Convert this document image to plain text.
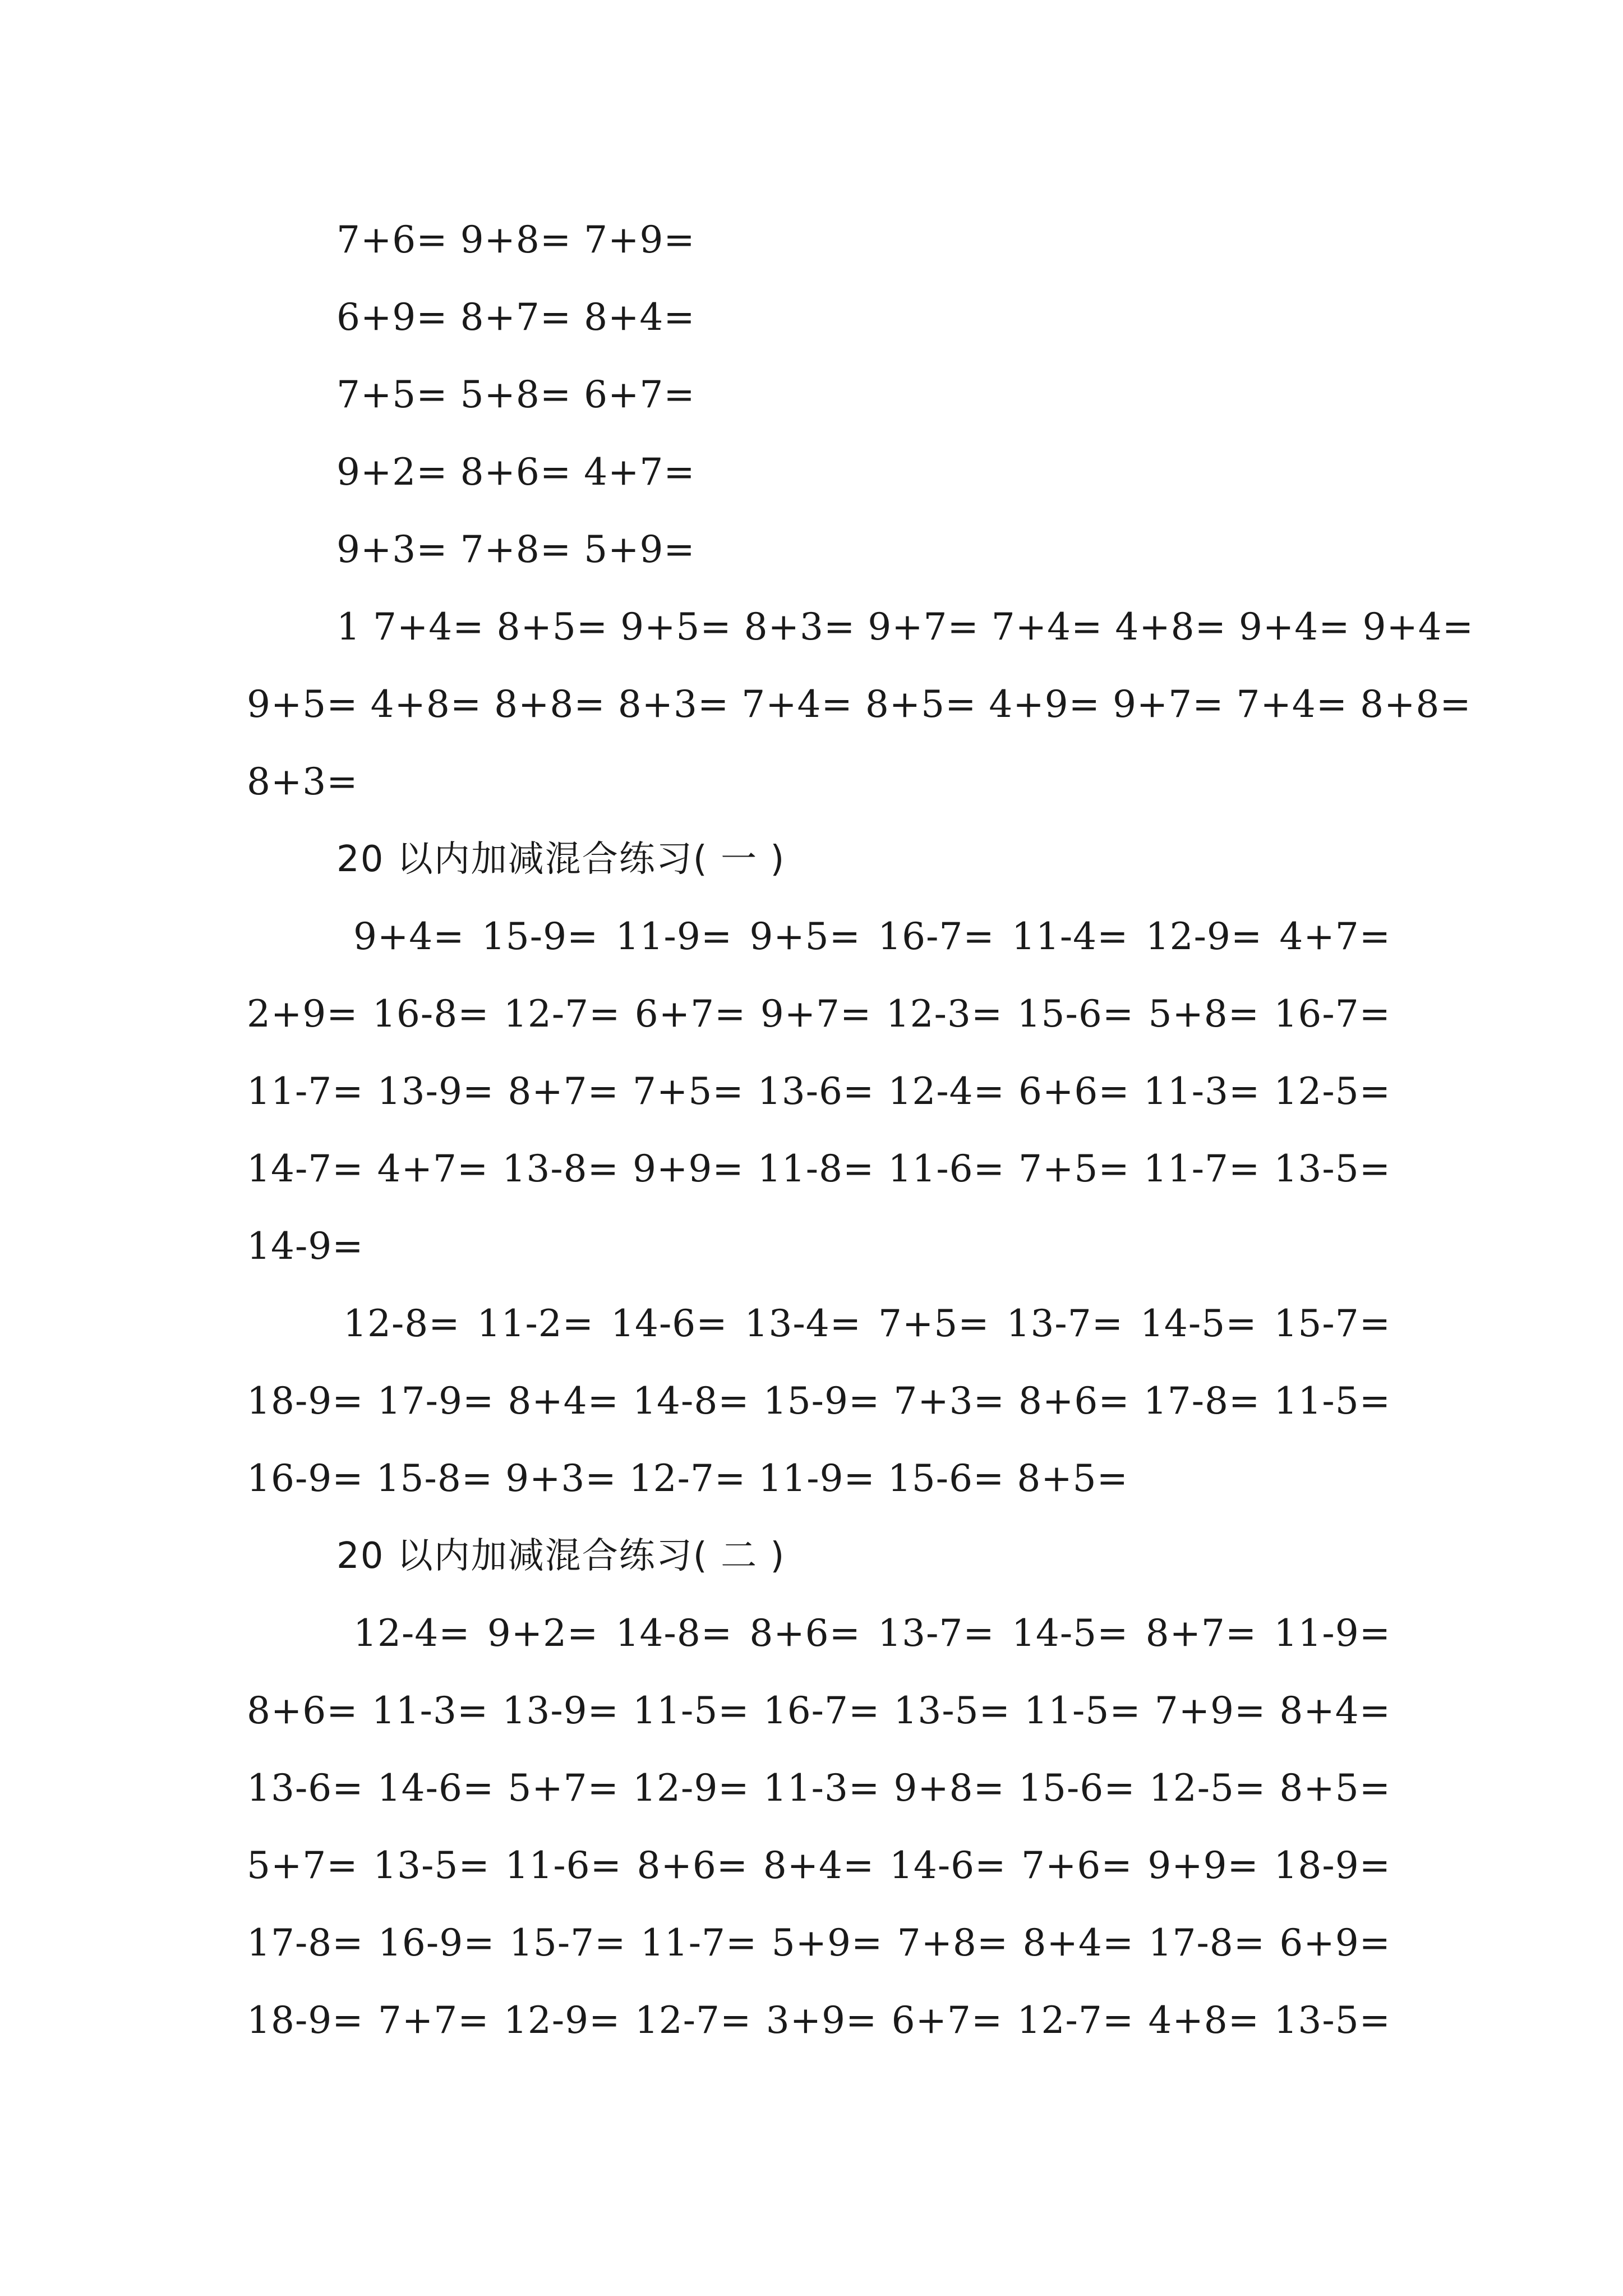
7+6= 9+8= 7+9=
6+9= 8+7= 8+4=
7+5= 5+8= 6+7=
9+2= 8+6= 4+7=
9+3= 7+8= 5+9=
1 7+4= 8+5= 9+5= 8+3= 9+7= 7+4= 4+8= 9+4= 9+4=
9+5= 4+8= 8+8= 8+3= 7+4= 8+5= 4+9= 9+7= 7+4= 8+8=
8+3=
20 以内加减混合练习( 一 )
9+4= 15-9= 11-9= 9+5= 16-7= 11-4= 12-9= 4+7=
2+9= 16-8= 12-7= 6+7= 9+7= 12-3= 15-6= 5+8= 16-7=
11-7= 13-9= 8+7= 7+5= 13-6= 12-4= 6+6= 11-3= 12-5=
14-7= 4+7= 13-8= 9+9= 11-8= 11-6= 7+5= 11-7= 13-5=
14-9=
12-8= 11-2= 14-6= 13-4= 7+5= 13-7= 14-5= 15-7=
18-9= 17-9= 8+4= 14-8= 15-9= 7+3= 8+6= 17-8= 11-5=
16-9= 15-8= 9+3= 12-7= 11-9= 15-6= 8+5=
20 以内加减混合练习( 二 )
12-4= 9+2= 14-8= 8+6= 13-7= 14-5= 8+7= 11-9=
8+6= 11-3= 13-9= 11-5= 16-7= 13-5= 11-5= 7+9= 8+4=
13-6= 14-6= 5+7= 12-9= 11-3= 9+8= 15-6= 12-5= 8+5=
5+7= 13-5= 11-6= 8+6= 8+4= 14-6= 7+6= 9+9= 18-9=
17-8= 16-9= 15-7= 11-7= 5+9= 7+8= 8+4= 17-8= 6+9=
18-9= 7+7= 12-9= 12-7= 3+9= 6+7= 12-7= 4+8= 13-5=
